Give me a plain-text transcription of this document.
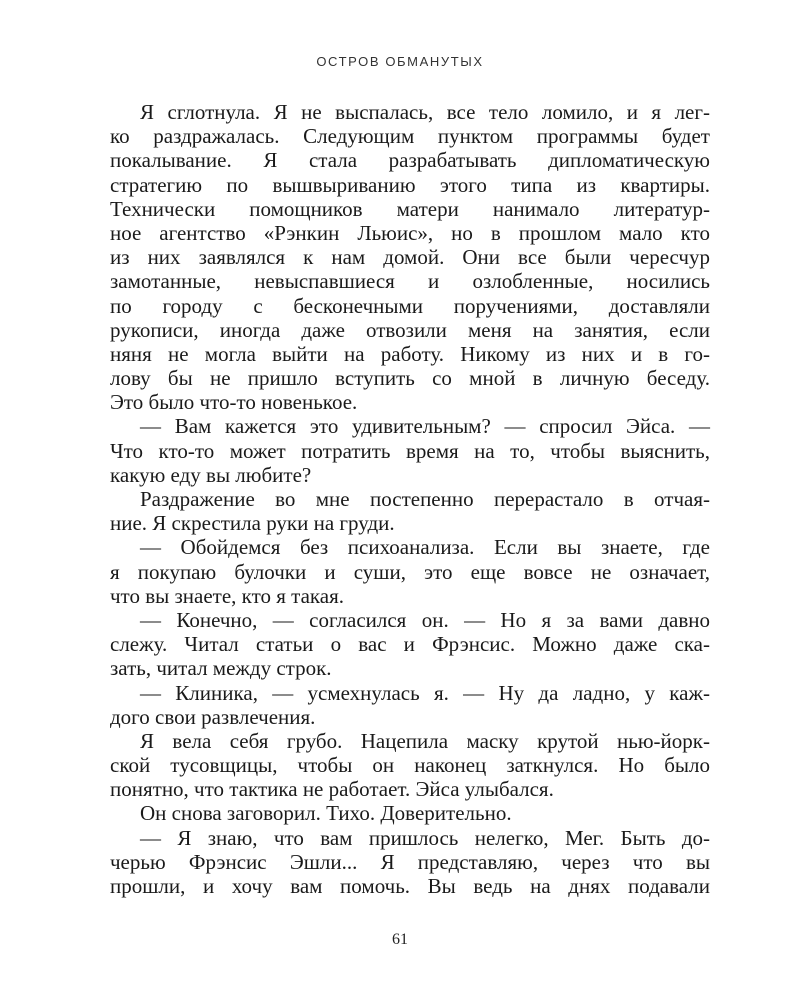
ОСТРОВ ОБМАНУТЫХ
Я сглотнула. Я не выспалась, все тело ломило, и я лег-
ко раздражалась. Следующим пунктом программы будет
покалывание. Я стала разрабатывать дипломатическую
стратегию по вышвыриванию этого типа из квартиры.
Технически помощников матери нанимало литератур-
ное агентство «Рэнкин Льюис», но в прошлом мало кто
из них заявлялся к нам домой. Они все были чересчур
замотанные, невыспавшиеся и озлобленные, носились
по городу с бесконечными поручениями, доставляли
рукописи, иногда даже отвозили меня на занятия, если
няня не могла выйти на работу. Никому из них и в го-
лову бы не пришло вступить со мной в личную беседу.
Это было что-то новенькое.
— Вам кажется это удивительным? — спросил Эйса. —
Что кто-то может потратить время на то, чтобы выяснить,
какую еду вы любите?
Раздражение во мне постепенно перерастало в отчая-
ние. Я скрестила руки на груди.
— Обойдемся без психоанализа. Если вы знаете, где
я покупаю булочки и суши, это еще вовсе не означает,
что вы знаете, кто я такая.
— Конечно, — согласился он. — Но я за вами давно
слежу. Читал статьи о вас и Фрэнсис. Можно даже ска-
зать, читал между строк.
— Клиника, — усмехнулась я. — Ну да ладно, у каж-
дого свои развлечения.
Я вела себя грубо. Нацепила маску крутой нью-йорк-
ской тусовщицы, чтобы он наконец заткнулся. Но было
понятно, что тактика не работает. Эйса улыбался.
Он снова заговорил. Тихо. Доверительно.
— Я знаю, что вам пришлось нелегко, Мег. Быть до-
черью Фрэнсис Эшли... Я представляю, через что вы
прошли, и хочу вам помочь. Вы ведь на днях подавали
61
